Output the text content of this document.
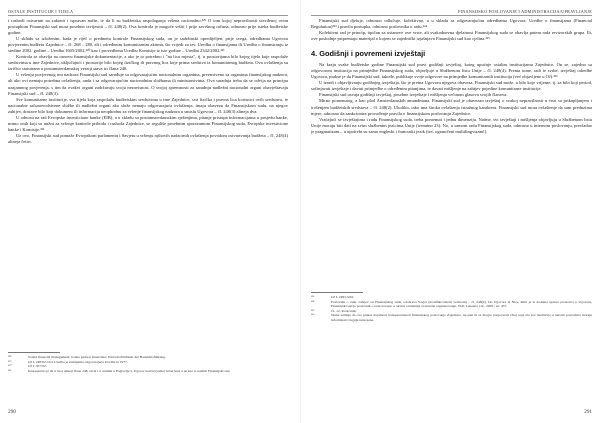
OSTALE INSTITUCIJE I TIJELA

i rashodi ostvarnni na zakonit i ispravan način, te da li su budžetska raspolaganja vršena racionalno.³²⁹ O tom kojoj nepravilnosti utvrđenoj ovim postupkom Finansijski sud mora posebno izvijestiti – čl. 248(2). Ova kontrola je moguće vršiti i prije završnog računa, odnosno prije isteka budžetske godine.

U skladu sa izloženim, kada je riječ o predmetu kontrole Finansijskog suda, on je sadržinski opredijeljen, prije svega, odredbama Ugovora povjerenim budžetu Zajednice – čl. 268 – 280, ali i određenim komunitarnim aktima, što vrijedi za tzv. Uredbu o finansijama ili Uredbu o finansiranju iz sredine 2002. godine – Uredba 1605/2002,³³⁰ kao i provedbenu Uredbu Komisije iz iste godine – Uredba 2342/2002.³³¹

Kontrola se obavlja na osnovu finansijske dokumentacije, a ako je to potrebno i "na licu mjesta", tj. u prostorijama bilo kojeg tijela koje raspolaže sredstvima u ime Zajednice, uključujući i prostorije bilo kojeg fizičkog ili pravnog lica koje prima sredstva iz komunitarnog budžeta. Ova ovlaštenja su izričito statuirana u postamsterdamskoj verziji stava tri člana 248.

U vršenju povjerenog mu nadzora Finansijski sud sarađuje sa odgovarajućim nacionalnim organima, prvenstveno sa organima finansijskog nadzora, ali ako ovi nemaju potrebna ovlaštenja, onda i sa odgovarajućim nacionalnim službama ili ministarstvima. Ova saradnja treba da se odvija na principu uzajamnog povjerenja, s tim da ovakvi organi zadržavaju svoju nezavisnost. O svojoj spremnosti za saradnju nadležni nacionalni organi obavještavaju Finansijski sud – čl. 248(3).

Sve komunitarne institucije, sva tijela koja raspolažu budžetskim sredstvima u ime Zajednice, sva fizička i pravna lica korisnici ovih sredstava, te nacionalne računovodstvene službe ili nadležni organi ako služe nemaju odgovarajuća ovlaštenja, imaju obavezu da Finansijskom sudu, na njegov zahtjev, dostave bilo koji dokument ili informaciju neophodnu za vršenje finansijskog nadzora u smislu Ugovora – čl. 248(3) alineja dva.

U odnosu na rad Evropske investicione banke (EIB), a u skladu sa postamsterdamskim rješenjima, pitanje pristupa informacijama u posjedu banke, mimo onih koji su nužni za vršenje kontrole prihoda i rashoda Zajednice, se reguliše posebnim sporazumom Finansijskog suda, Evropske investicione banke i Komisije.³³²

Uz ovo, Finansijski sud pomaže Evropskom parlamentu i Savjetu u vršenju njihovih nadzornih ovlaštenja povodom ostvarivanja budžeta – čl. 248(4) alineja četiri.

³²⁸	Sound financial management; bonne gestion financière; Wirtschaftlichkeit der Haushaltsführung.
³²⁹	OJ L 248/02. Ova Uredba je zamijenila odgovarajuću Uredbu iz 1977.
³³⁰	OJ L 357/02.
³³¹	Interesantno je da u nvoj alineji člana 248, ali ni i u ostalim u Poglavlju 5. Ugovor koristi (samo) izraz Sud, a ne kao u ostalim Finansijski sud.
290
FINANSIJSKO POSLOVANJE I ADMINISTRACIJA/UPRAVLJANJE

Finansijski sud djeluje, odnosno odlučuje, kolektivno, a u skladu sa odgovarajućim odredbama Ugovora, Uredbe o finansijama (Financial Regulation)³³³ i pravila postupka, odnosno poslovnika o radu.³³⁴

Kolektivni rad je princip, tipičan za ustanove ove vrste, ali svakodnevna djelatnost Finansijskog suda se obavlja putem rada revizorskih grupa. Ili, ove poslodnje pripremaju materijal o kojem se zajednički izjašnjava Finansijski sud kao cjelina.³³⁵

4. Godišnji i povremeni izvještaji

Na kraju svake budžetske godine Finansijski sud pravi godišnji izvještaj, koteg upućuje ostalim institucijama Zajednice. On se, zajedno sa odgovorom institucija na primjedbe Finansijskog suda, objavljuje u Službenom listu Unije – čl. 248(4). Prema tome, radi te svrhe, izvještaj odredbe Ugovora, prakse je da Finansijski sud, takođe, publikuje svoje odgovore na primjedbe komunitarnih institucija (već objavljene u OJ).³³⁶

U izradi i objavljivanju godišnjeg izvještaja, što je prema Ugovoru njegova obaveza, Finansijski sud može, u bilo koje vrijeme, tj. za bilo koji period, sačinjavati izvještaje i davati primjedbe o određenim pitanjima, te davati mišljenje na zahtjev pojedine komunitarne institucije.

Finansijski sud usvaja godišnji izvještaj, posebne izvještaje i mišljenja većinom glasova svojih članova.

Mirno pomenutog, a kao plod Amsterdamskih amandmana, Finansijski sud je obavezan izvještaj o svakoj nepravilnosti u vezi sa prikupljanjem i trošenjem budžetskih sredstava – čl. 248(2). Ukoliko, tako ima široka ovlaštenja istražnog karaktera. Finansijski sud mora ovlaštenje da sam preduzima mjere, odnosno da sankcionira provođenje pravila o finansijskom poslovanju Zajednice.

Vraćajući se izvještajima i radu Finansijskog suda, treba pomenuti i jednu dimenziju. Naime, svi izvještaji i mišljenja objavljuju u Službenom listu Unije moraju biti dati na svim službenim jezicima Unije (trenutno 23). No, u samom radu Finansijskog suda, odnosno u internom poslovanju, prevladao je pragmatizam – u upotrebi su samo engleski i francuski jezik (tzv. ograničeni multilingvizam!).

³³³	OJ L 248/13/02.
³³⁴	Poslovnik o radu, zahtjev od Finansijskog suda, odobrava Savjet (kvalifikovanom većinom) – čl. 248(4). Do Ugovora iz Nice, ktim je ta dodatna uprava prostorno u Ugovoru, Finansijski sud je poslovnik o radu usvajao u okviru ovlaštenja za interne organizovanje. Vidi: Lenaerts i dr., 2005., str. 457.
³³⁵	Čl. 12. Poslovnik.
³³⁶	Neme sumnje da ova praksa doprinosi transparentnosti finansijskog poslovanja Zajednice, ne-sam bi se moglo pregovarati zbog toga što sve institucije u takvim poslovima moraju informisati i tuguju neprotene.
291
